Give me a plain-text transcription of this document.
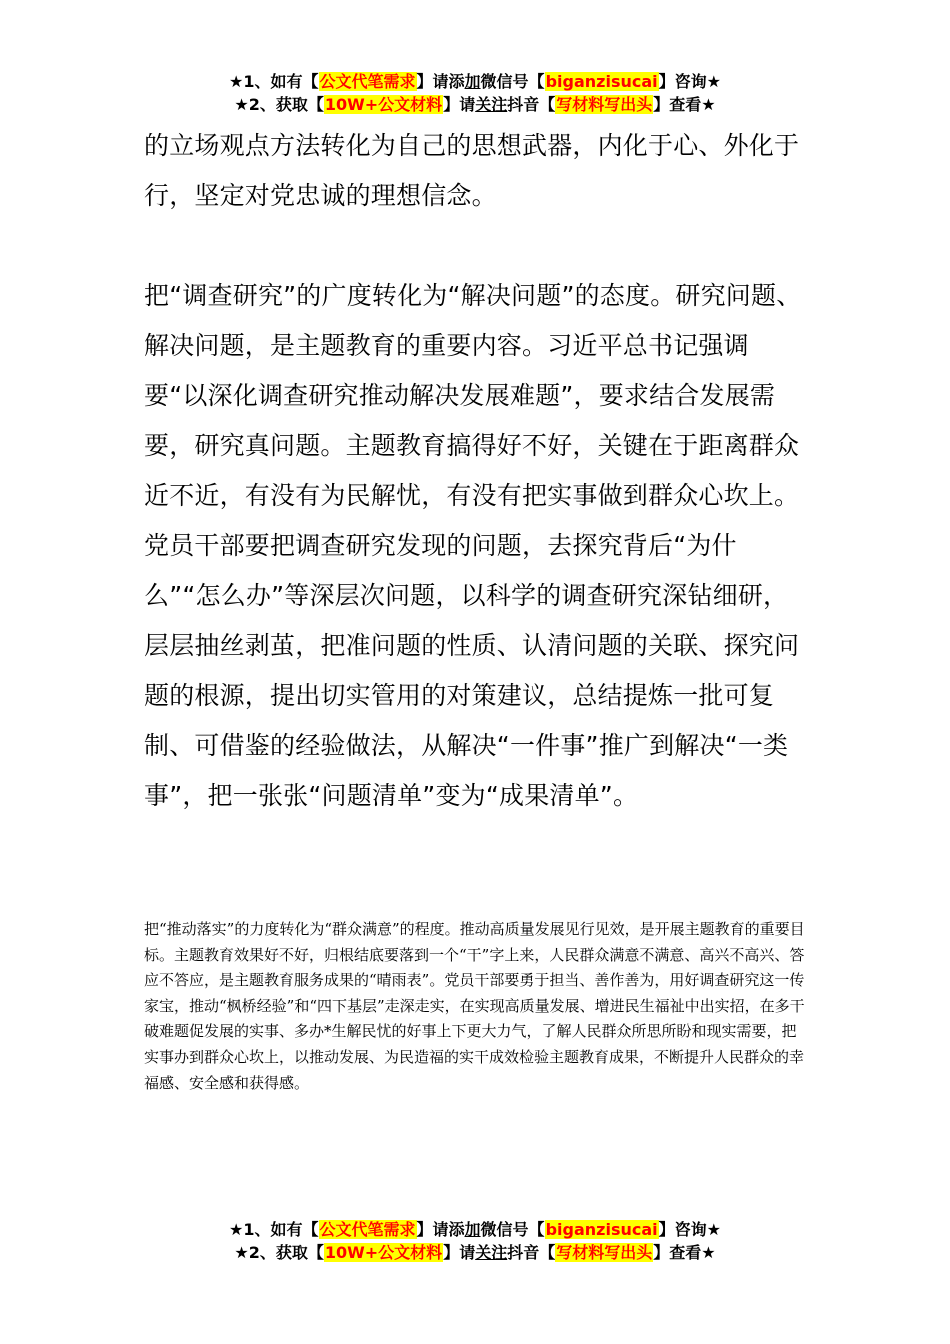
★1、如有【公文代笔需求】请添加微信号【biganzisucai】咨询★
★2、获取【10W+公文材料】请关注抖音【写材料写出头】查看★

的立场观点方法转化为自己的思想武器，内化于心、外化于行，坚定对党忠诚的理想信念。

把“调查研究”的广度转化为“解决问题”的态度。研究问题、解决问题，是主题教育的重要内容。习近平总书记强调要“以深化调查研究推动解决发展难题”，要求结合发展需要，研究真问题。主题教育搞得好不好，关键在于距离群众近不近，有没有为民解忧，有没有把实事做到群众心坎上。党员干部要把调查研究发现的问题，去探究背后“为什么”“怎么办”等深层次问题，以科学的调查研究深钻细研，层层抽丝剥茧，把准问题的性质、认清问题的关联、探究问题的根源，提出切实管用的对策建议，总结提炼一批可复制、可借鉴的经验做法，从解决“一件事”推广到解决“一类事”，把一张张“问题清单”变为“成果清单”。

把“推动落实”的力度转化为“群众满意”的程度。推动高质量发展见行见效，是开展主题教育的重要目标。主题教育效果好不好，归根结底要落到一个“干”字上来，人民群众满意不满意、高兴不高兴、答应不答应，是主题教育服务成果的“晴雨表”。党员干部要勇于担当、善作善为，用好调查研究这一传家宝，推动“枫桥经验”和“四下基层”走深走实，在实现高质量发展、增进民生福祉中出实招，在多干破难题促发展的实事、多办*生解民忧的好事上下更大力气，了解人民群众所思所盼和现实需要，把实事办到群众心坎上，以推动发展、为民造福的实干成效检验主题教育成果，不断提升人民群众的幸福感、安全感和获得感。

★1、如有【公文代笔需求】请添加微信号【biganzisucai】咨询★
★2、获取【10W+公文材料】请关注抖音【写材料写出头】查看★
